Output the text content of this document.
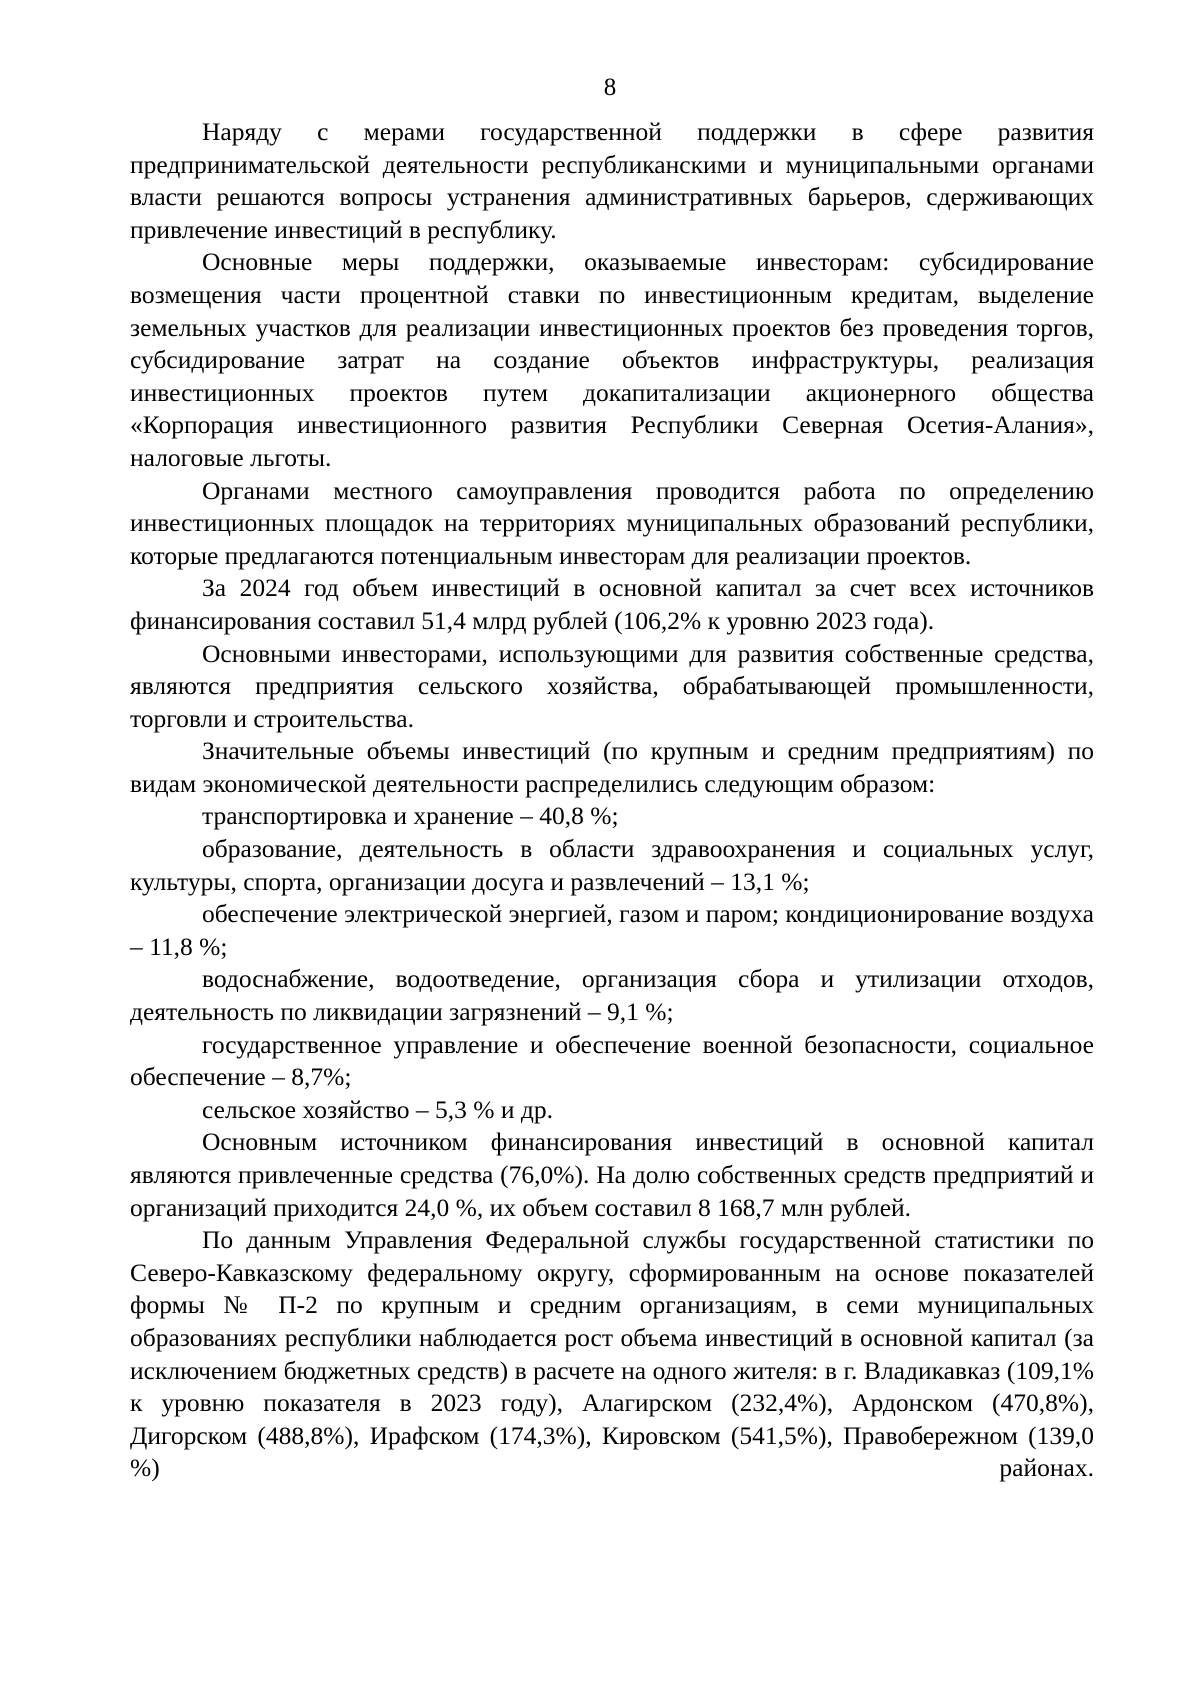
8

Наряду с мерами государственной поддержки в сфере развития предпринимательской деятельности республиканскими и муниципальными органами власти решаются вопросы устранения административных барьеров, сдерживающих привлечение инвестиций в республику.

Основные меры поддержки, оказываемые инвесторам: субсидирование возмещения части процентной ставки по инвестиционным кредитам, выделение земельных участков для реализации инвестиционных проектов без проведения торгов, субсидирование затрат на создание объектов инфраструктуры, реализация инвестиционных проектов путем докапитализации акционерного общества «Корпорация инвестиционного развития Республики Северная Осетия-Алания», налоговые льготы.

Органами местного самоуправления проводится работа по определению инвестиционных площадок на территориях муниципальных образований республики, которые предлагаются потенциальным инвесторам для реализации проектов.

За 2024 год объем инвестиций в основной капитал за счет всех источников финансирования составил 51,4 млрд рублей (106,2% к уровню 2023 года).

Основными инвесторами, использующими для развития собственные средства, являются предприятия сельского хозяйства, обрабатывающей промышленности, торговли и строительства.

Значительные объемы инвестиций (по крупным и средним предприятиям) по видам экономической деятельности распределились следующим образом:

транспортировка и хранение – 40,8 %;

образование, деятельность в области здравоохранения и социальных услуг, культуры, спорта, организации досуга и развлечений – 13,1 %;

обеспечение электрической энергией, газом и паром; кондиционирование воздуха – 11,8 %;

водоснабжение, водоотведение, организация сбора и утилизации отходов, деятельность по ликвидации загрязнений – 9,1 %;

государственное управление и обеспечение военной безопасности, социальное обеспечение – 8,7%;

сельское хозяйство – 5,3 % и др.

Основным источником финансирования инвестиций в основной капитал являются привлеченные средства (76,0%). На долю собственных средств предприятий и организаций приходится 24,0 %, их объем составил 8 168,7 млн рублей.

По данным Управления Федеральной службы государственной статистики по Северо-Кавказскому федеральному округу, сформированным на основе показателей формы № П-2 по крупным и средним организациям, в семи муниципальных образованиях республики наблюдается рост объема инвестиций в основной капитал (за исключением бюджетных средств) в расчете на одного жителя: в г. Владикавказ (109,1% к уровню показателя в 2023 году), Алагирском (232,4%), Ардонском (470,8%), Дигорском (488,8%), Ирафском (174,3%), Кировском (541,5%), Правобережном (139,0 %) районах.
